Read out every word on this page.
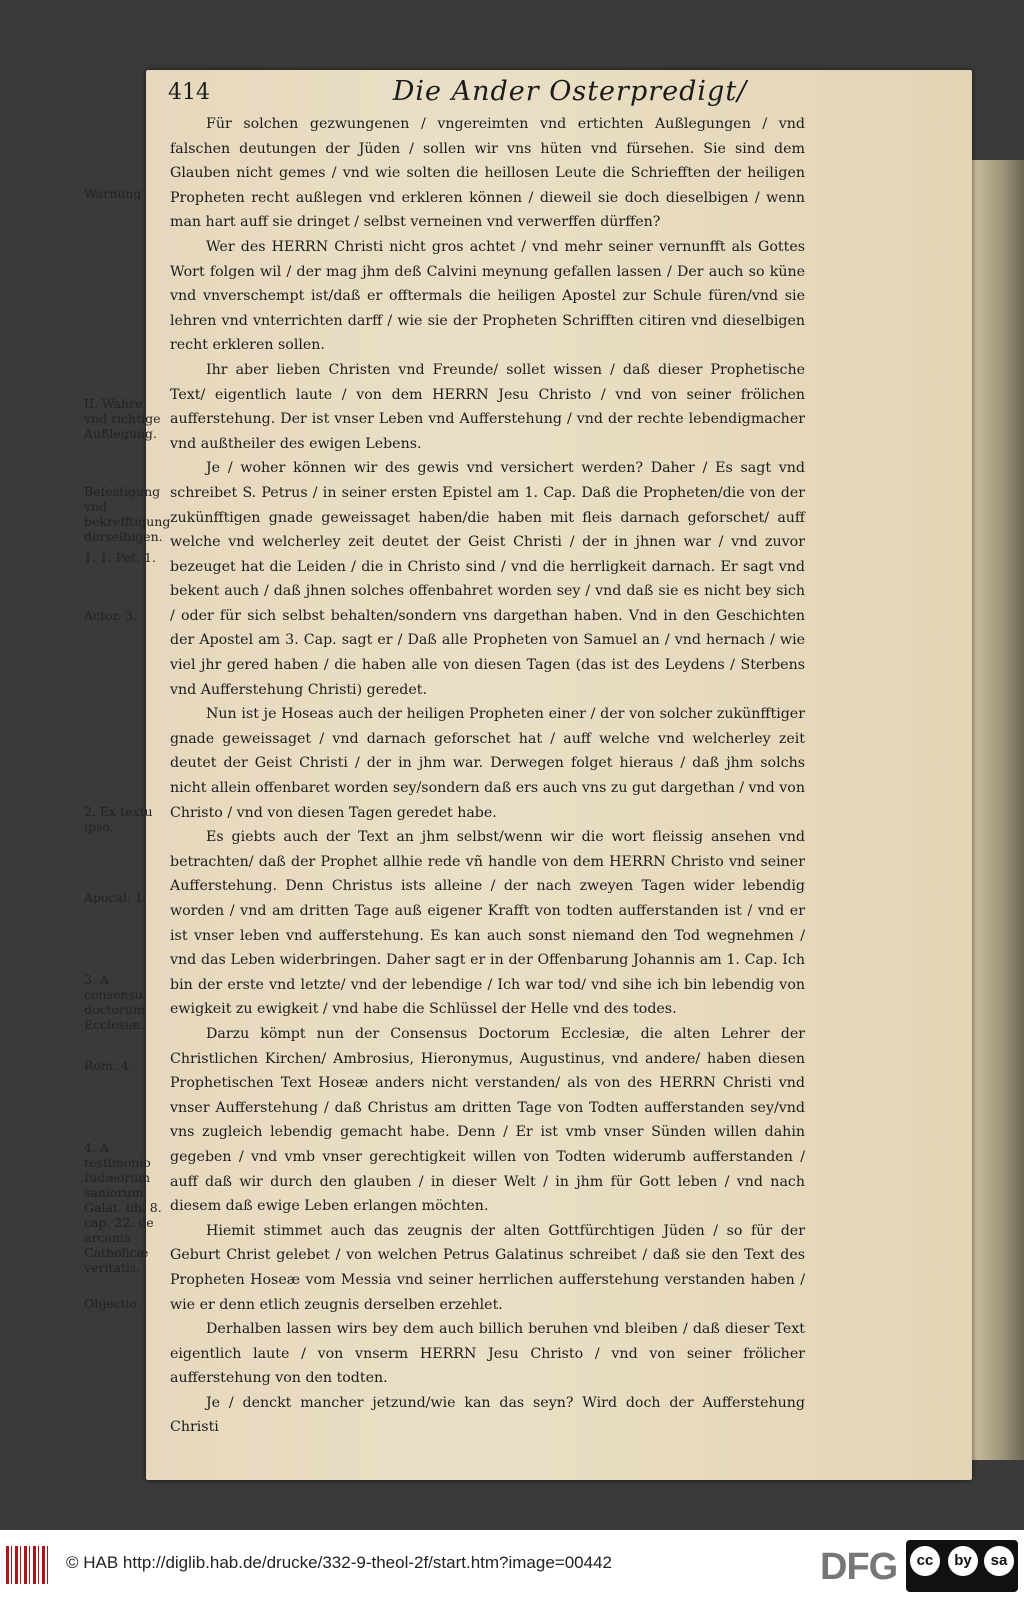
414	Die Ander Osterpredigt/
Warnung
II. Wahre vnd richtige Außlegung.
Befestigung vnd bekrefftigung derselbigen.
1. 1. Pet. 1.
Actor. 3.
2. Ex textu ipso.
Apocal. 1.
3. A consensu doctorum Ecclesiæ.
Rom. 4.
4. A testimonio Iudæorum saniorum. Galat. lib. 8. cap. 22. de arcanis Catholicæ veritatis.
Objectio.

Für solchen gezwungenen / vngereimten vnd ertichten Außlegungen / vnd falschen deutungen der Jüden / sollen wir vns hüten vnd fürsehen. Sie sind dem Glauben nicht gemes / vnd wie solten die heillosen Leute die Schriefften der heiligen Propheten recht außlegen vnd erkleren können / dieweil sie doch dieselbigen / wenn man hart auff sie dringet / selbst verneinen vnd verwerffen dürffen?

Wer des HERRN Christi nicht gros achtet / vnd mehr seiner vernunfft als Gottes Wort folgen wil / der mag jhm deß Calvini meynung gefallen lassen / Der auch so küne vnd vnverschempt ist/daß er offtermals die heiligen Apostel zur Schule füren/vnd sie lehren vnd vnterrichten darff / wie sie der Propheten Schrifften citiren vnd dieselbigen recht erkleren sollen.

Ihr aber lieben Christen vnd Freunde/ sollet wissen / daß dieser Prophetische Text/ eigentlich laute / von dem HERRN Jesu Christo / vnd von seiner frölichen aufferstehung. Der ist vnser Leben vnd Aufferstehung / vnd der rechte lebendigmacher vnd außtheiler des ewigen Lebens.

Je / woher können wir des gewis vnd versichert werden? Daher / Es sagt vnd schreibet S. Petrus / in seiner ersten Epistel am 1. Cap. Daß die Propheten/die von der zukünfftigen gnade geweissaget haben/die haben mit fleis darnach geforschet/ auff welche vnd welcherley zeit deutet der Geist Christi / der in jhnen war / vnd zuvor bezeuget hat die Leiden / die in Christo sind / vnd die herrligkeit darnach. Er sagt vnd bekent auch / daß jhnen solches offenbahret worden sey / vnd daß sie es nicht bey sich / oder für sich selbst behalten/sondern vns dargethan haben. Vnd in den Geschichten der Apostel am 3. Cap. sagt er / Daß alle Propheten von Samuel an / vnd hernach / wie viel jhr gered haben / die haben alle von diesen Tagen (das ist des Leydens / Sterbens vnd Aufferstehung Christi) geredet.

Nun ist je Hoseas auch der heiligen Propheten einer / der von solcher zukünfftiger gnade geweissaget / vnd darnach geforschet hat / auff welche vnd welcherley zeit deutet der Geist Christi / der in jhm war. Derwegen folget hieraus / daß jhm solchs nicht allein offenbaret worden sey/sondern daß ers auch vns zu gut dargethan / vnd von Christo / vnd von diesen Tagen geredet habe.

Es giebts auch der Text an jhm selbst/wenn wir die wort fleissig ansehen vnd betrachten/ daß der Prophet allhie rede vñ handle von dem HERRN Christo vnd seiner Aufferstehung. Denn Christus ists alleine / der nach zweyen Tagen wider lebendig worden / vnd am dritten Tage auß eigener Krafft von todten aufferstanden ist / vnd er ist vnser leben vnd aufferstehung. Es kan auch sonst niemand den Tod wegnehmen / vnd das Leben widerbringen. Daher sagt er in der Offenbarung Johannis am 1. Cap. Ich bin der erste vnd letzte/ vnd der lebendige / Ich war tod/ vnd sihe ich bin lebendig von ewigkeit zu ewigkeit / vnd habe die Schlüssel der Helle vnd des todes.

Darzu kömpt nun der Consensus Doctorum Ecclesiæ, die alten Lehrer der Christlichen Kirchen/ Ambrosius, Hieronymus, Augustinus, vnd andere/ haben diesen Prophetischen Text Hoseæ anders nicht verstanden/ als von des HERRN Christi vnd vnser Aufferstehung / daß Christus am dritten Tage von Todten aufferstanden sey/vnd vns zugleich lebendig gemacht habe. Denn / Er ist vmb vnser Sünden willen dahin gegeben / vnd vmb vnser gerechtigkeit willen von Todten widerumb aufferstanden / auff daß wir durch den glauben / in dieser Welt / in jhm für Gott leben / vnd nach diesem daß ewige Leben erlangen möchten.

Hiemit stimmet auch das zeugnis der alten Gottfürchtigen Jüden / so für der Geburt Christ gelebet / von welchen Petrus Galatinus schreibet / daß sie den Text des Propheten Hoseæ vom Messia vnd seiner herrlichen aufferstehung verstanden haben / wie er denn etlich zeugnis derselben erzehlet.

Derhalben lassen wirs bey dem auch billich beruhen vnd bleiben / daß dieser Text eigentlich laute / von vnserm HERRN Jesu Christo / vnd von seiner frölicher aufferstehung von den todten.

Je / denckt mancher jetzund/wie kan das seyn? Wird doch der Aufferstehung Christi

© HAB http://diglib.hab.de/drucke/332-9-theol-2f/start.htm?image=00442	DFG	cc	by	sa
